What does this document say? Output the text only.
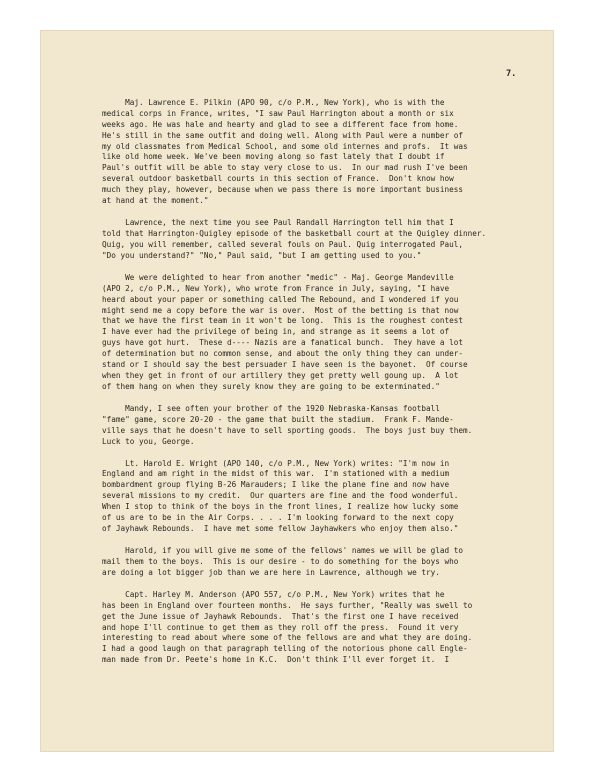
7.
Maj. Lawrence E. Pilkin (APO 90, c/o P.M., New York), who is with the
medical corps in France, writes, "I saw Paul Harrington about a month or six
weeks ago. He was hale and hearty and glad to see a different face from home.
He's still in the same outfit and doing well. Along with Paul were a number of
my old classmates from Medical School, and some old internes and profs.  It was
like old home week. We've been moving along so fast lately that I doubt if
Paul's outfit will be able to stay very close to us.  In our mad rush I've been
several outdoor basketball courts in this section of France.  Don't know how
much they play, however, because when we pass there is more important business
at hand at the moment."
Lawrence, the next time you see Paul Randall Harrington tell him that I
told that Harrington-Quigley episode of the basketball court at the Quigley dinner.
Quig, you will remember, called several fouls on Paul. Quig interrogated Paul,
"Do you understand?" "No," Paul said, "but I am getting used to you."
We were delighted to hear from another "medic" - Maj. George Mandeville
(APO 2, c/o P.M., New York), who wrote from France in July, saying, "I have
heard about your paper or something called The Rebound, and I wondered if you
might send me a copy before the war is over.  Most of the betting is that now
that we have the first team in it won't be long.  This is the roughest contest
I have ever had the privilege of being in, and strange as it seems a lot of
guys have got hurt.  These d---- Nazis are a fanatical bunch.  They have a lot
of determination but no common sense, and about the only thing they can under-
stand or I should say the best persuader I have seen is the bayonet.  Of course
when they get in front of our artillery they get pretty well goung up.  A lot
of them hang on when they surely know they are going to be exterminated."
Mandy, I see often your brother of the 1920 Nebraska-Kansas football
"fame" game, score 20-20 - the game that built the stadium.  Frank F. Mande-
ville says that he doesn't have to sell sporting goods.  The boys just buy them.
Luck to you, George.
Lt. Harold E. Wright (APO 140, c/o P.M., New York) writes: "I'm now in
England and am right in the midst of this war.  I'm stationed with a medium
bombardment group flying B-26 Marauders; I like the plane fine and now have
several missions to my credit.  Our quarters are fine and the food wonderful.
When I stop to think of the boys in the front lines, I realize how lucky some
of us are to be in the Air Corps. . . . I'm looking forward to the next copy
of Jayhawk Rebounds.  I have met some fellow Jayhawkers who enjoy them also."
Harold, if you will give me some of the fellows' names we will be glad to
mail them to the boys.  This is our desire - to do something for the boys who
are doing a lot bigger job than we are here in Lawrence, although we try.
Capt. Harley M. Anderson (APO 557, c/o P.M., New York) writes that he
has been in England over fourteen months.  He says further, "Really was swell to
get the June issue of Jayhawk Rebounds.  That's the first one I have received
and hope I'll continue to get them as they roll off the press.  Found it very
interesting to read about where some of the fellows are and what they are doing.
I had a good laugh on that paragraph telling of the notorious phone call Engle-
man made from Dr. Peete's home in K.C.  Don't think I'll ever forget it.  I
